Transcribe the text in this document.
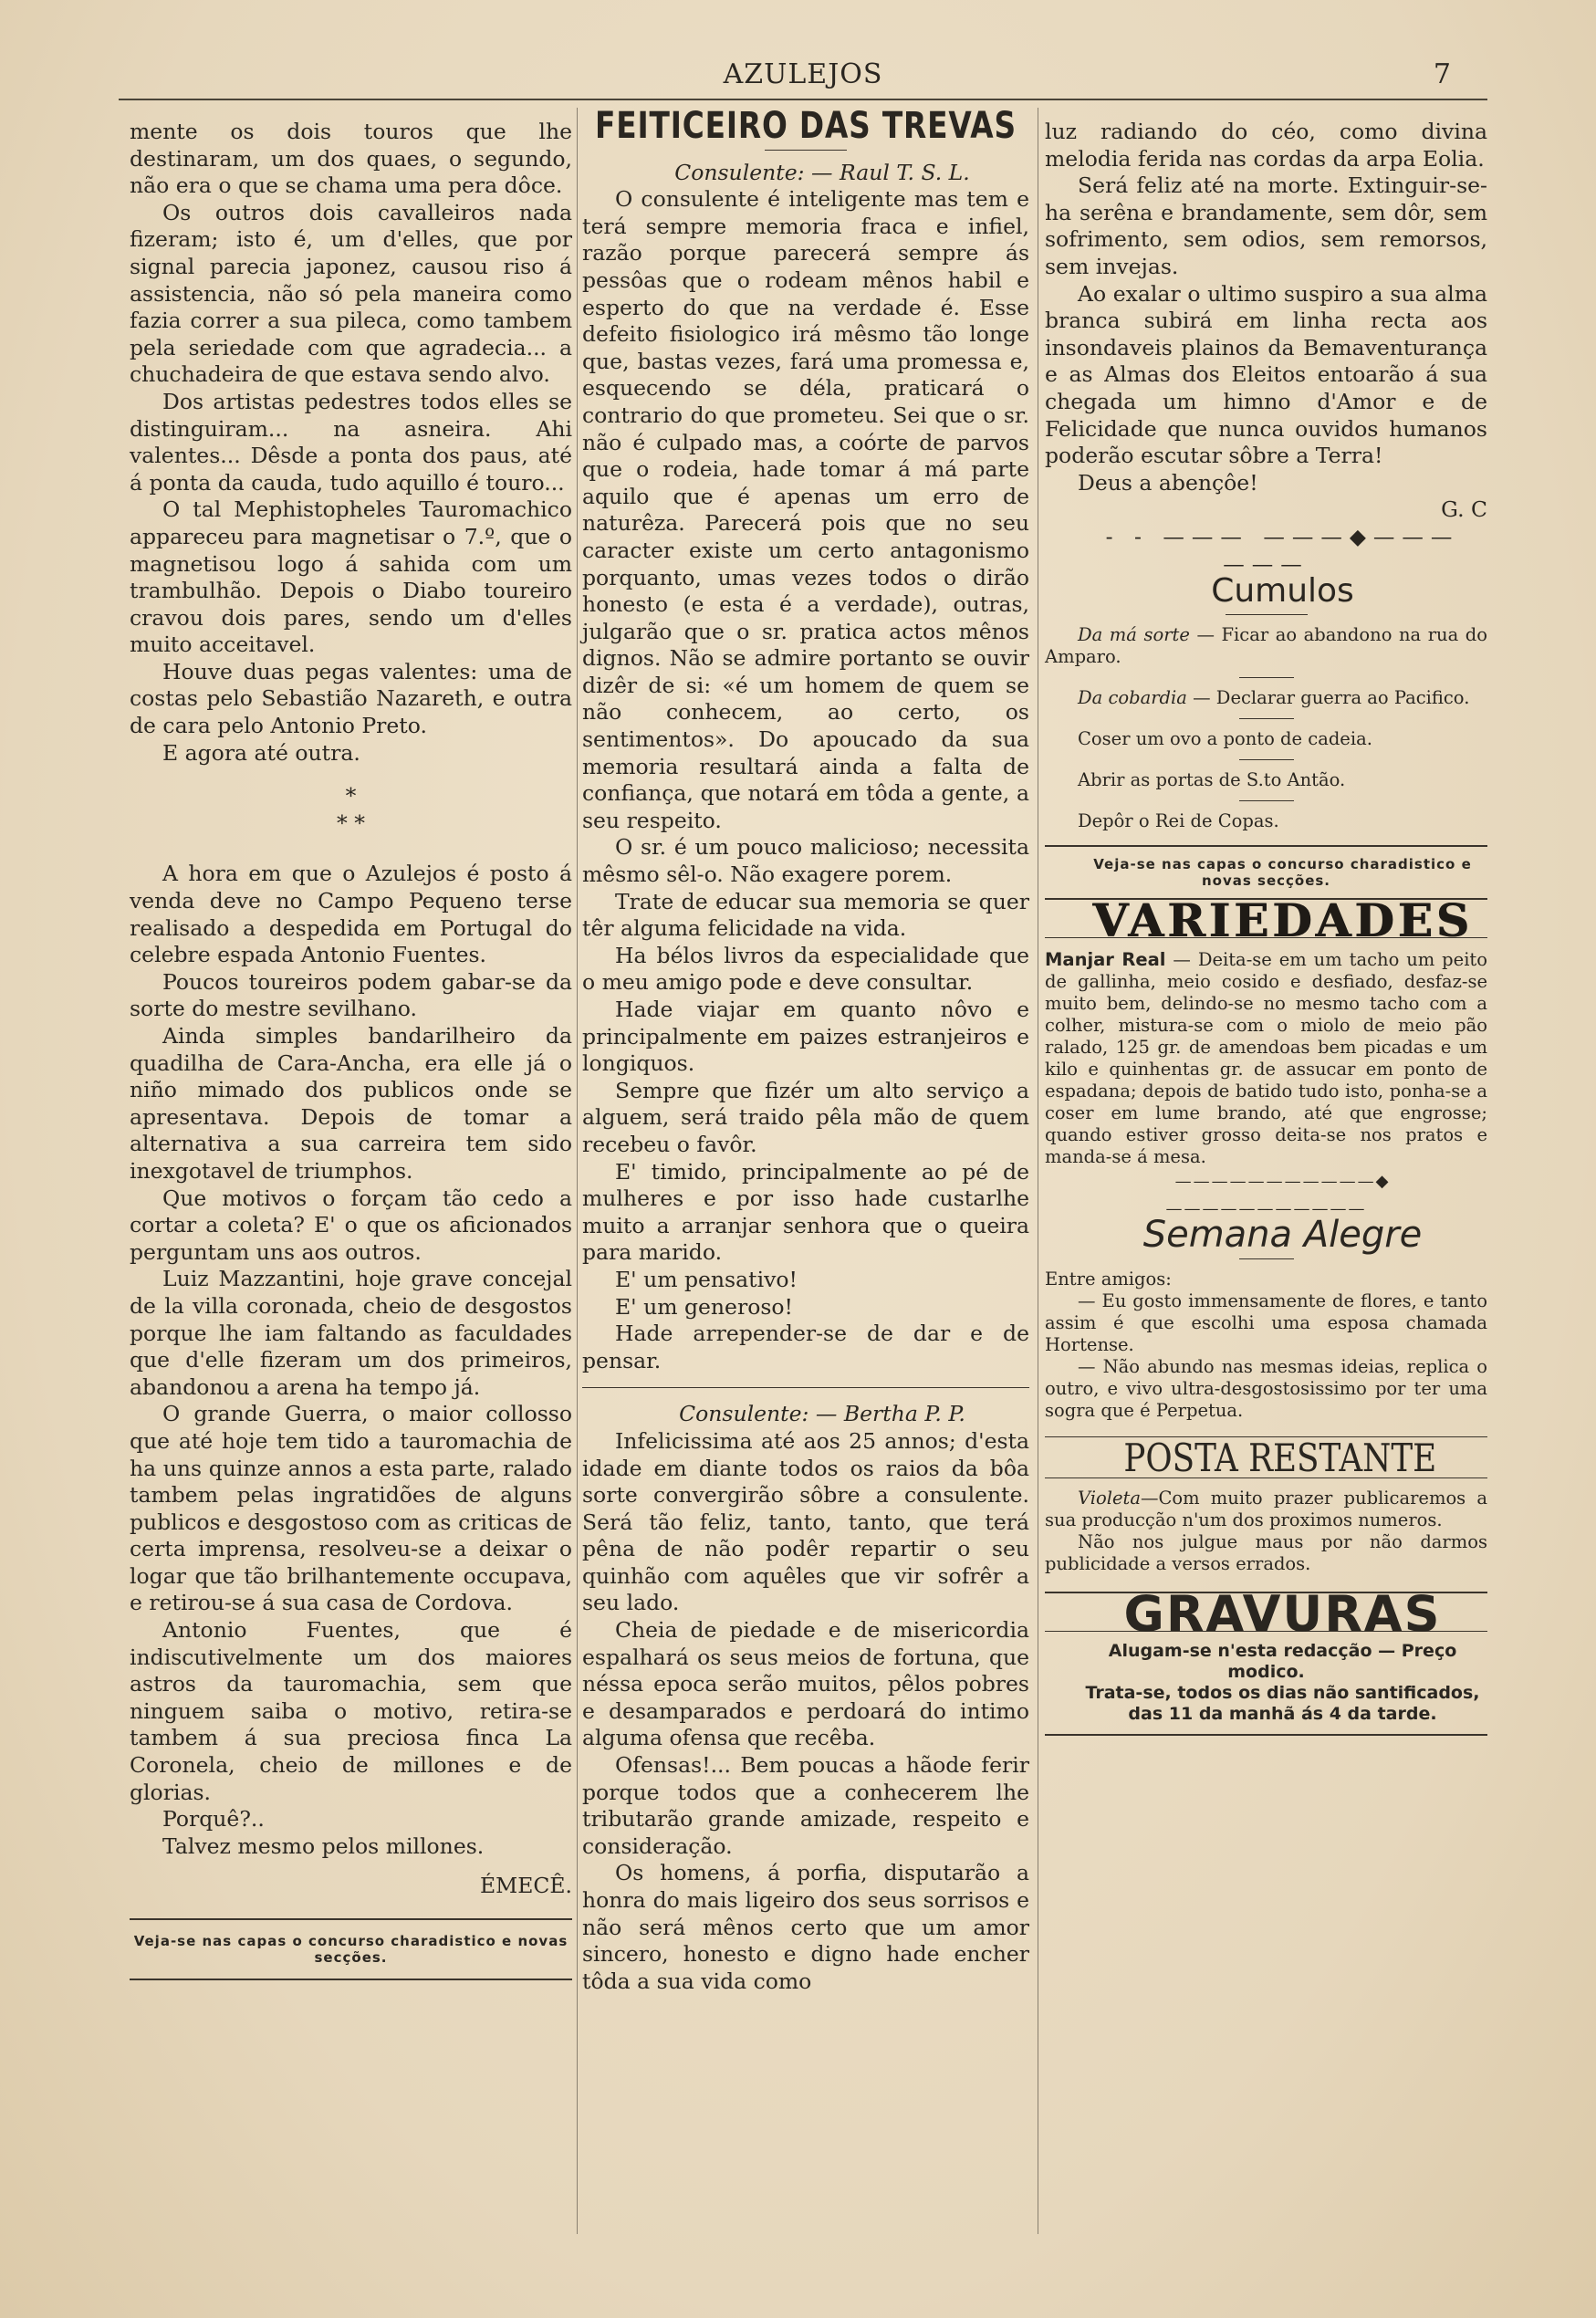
AZULEJOS	7

mente os dois touros que lhe destinaram, um dos quaes, o segundo, não era o que se chama uma pera dôce.

Os outros dois cavalleiros nada fizeram; isto é, um d'elles, que por signal parecia japonez, causou riso á assistencia, não só pela maneira como fazia correr a sua pileca, como tambem pela seriedade com que agradecia... a chuchadeira de que estava sendo alvo.

Dos artistas pedestres todos elles se distinguiram... na asneira. Ahi valentes... Dêsde a ponta dos paus, até á ponta da cauda, tudo aquillo é touro...

O tal Mephistopheles Tauromachico appareceu para magnetisar o 7.º, que o magnetisou logo á sahida com um trambulhão. Depois o Diabo toureiro cravou dois pares, sendo um d'elles muito acceitavel.

Houve duas pegas valentes: uma de costas pelo Sebastião Nazareth, e outra de cara pelo Antonio Preto.

E agora até outra.

*

* *

A hora em que o Azulejos é posto á venda deve no Campo Pequeno terse realisado a despedida em Portugal do celebre espada Antonio Fuentes.

Poucos toureiros podem gabar-se da sorte do mestre sevilhano.

Ainda simples bandarilheiro da quadilha de Cara-Ancha, era elle já o niño mimado dos publicos onde se apresentava. Depois de tomar a alternativa a sua carreira tem sido inexgotavel de triumphos.

Que motivos o forçam tão cedo a cortar a coleta? E' o que os aficionados perguntam uns aos outros.

Luiz Mazzantini, hoje grave concejal de la villa coronada, cheio de desgostos porque lhe iam faltando as faculdades que d'elle fizeram um dos primeiros, abandonou a arena ha tempo já.

O grande Guerra, o maior collosso que até hoje tem tido a tauromachia de ha uns quinze annos a esta parte, ralado tambem pelas ingratidões de alguns publicos e desgostoso com as criticas de certa imprensa, resolveu-se a deixar o logar que tão brilhantemente occupava, e retirou-se á sua casa de Cordova.

Antonio Fuentes, que é indiscutivelmente um dos maiores astros da tauromachia, sem que ninguem saiba o motivo, retira-se tambem á sua preciosa finca La Coronela, cheio de millones e de glorias.

Porquê?..

Talvez mesmo pelos millones.

ÉMECÊ.

Veja-se nas capas o concurso charadistico e novas secções.

FEITICEIRO DAS TREVAS

Consulente: — Raul T. S. L.

O consulente é inteligente mas tem e terá sempre memoria fraca e infiel, razão porque parecerá sempre ás pessôas que o rodeam mênos habil e esperto do que na verdade é. Esse defeito fisiologico irá mêsmo tão longe que, bastas vezes, fará uma promessa e, esquecendo se déla, praticará o contrario do que prometeu. Sei que o sr. não é culpado mas, a coórte de parvos que o rodeia, hade tomar á má parte aquilo que é apenas um erro de naturêza. Parecerá pois que no seu caracter existe um certo antagonismo porquanto, umas vezes todos o dirão honesto (e esta é a verdade), outras, julgarão que o sr. pratica actos mênos dignos. Não se admire portanto se ouvir dizêr de si: «é um homem de quem se não conhecem, ao certo, os sentimentos». Do apoucado da sua memoria resultará ainda a falta de confiança, que notará em tôda a gente, a seu respeito.

O sr. é um pouco malicioso; necessita mêsmo sêl-o. Não exagere porem.

Trate de educar sua memoria se quer têr alguma felicidade na vida.

Ha bélos livros da especialidade que o meu amigo pode e deve consultar.

Hade viajar em quanto nôvo e principalmente em paizes estranjeiros e longiquos.

Sempre que fizér um alto serviço a alguem, será traido pêla mão de quem recebeu o favôr.

E' timido, principalmente ao pé de mulheres e por isso hade custarlhe muito a arranjar senhora que o queira para marido.

E' um pensativo!

E' um generoso!

Hade arrepender-se de dar e de pensar.

Consulente: — Bertha P. P.

Infelicissima até aos 25 annos; d'esta idade em diante todos os raios da bôa sorte convergirão sôbre a consulente. Será tão feliz, tanto, tanto, que terá pêna de não podêr repartir o seu quinhão com aquêles que vir sofrêr a seu lado.

Cheia de piedade e de misericordia espalhará os seus meios de fortuna, que néssa epoca serão muitos, pêlos pobres e desamparados e perdoará do intimo alguma ofensa que recêba.

Ofensas!... Bem poucas a hãode ferir porque todos que a conhecerem lhe tributarão grande amizade, respeito e consideração.

Os homens, á porfia, disputarão a honra do mais ligeiro dos seus sorrisos e não será mênos certo que um amor sincero, honesto e digno hade encher tôda a sua vida como

luz radiando do céo, como divina melodia ferida nas cordas da arpa Eolia.

Será feliz até na morte. Extinguir-se-ha serêna e brandamente, sem dôr, sem sofrimento, sem odios, sem remorsos, sem invejas.

Ao exalar o ultimo suspiro a sua alma branca subirá em linha recta aos insondaveis plainos da Bemaventurança e as Almas dos Eleitos entoarão á sua chegada um himno d'Amor e de Felicidade que nunca ouvidos humanos poderão escutar sôbre a Terra!

Deus a abençôe!

G. C

- - ——— ———◆——— ———

Cumulos

Da má sorte — Ficar ao abandono na rua do Amparo.

Da cobardia — Declarar guerra ao Pacifico.

Coser um ovo a ponto de cadeia.

Abrir as portas de S.to Antão.

Depôr o Rei de Copas.

Veja-se nas capas o concurso charadistico e novas secções.

VARIEDADES

Manjar Real — Deita-se em um tacho um peito de gallinha, meio cosido e desfiado, desfaz-se muito bem, delindo-se no mesmo tacho com a colher, mistura-se com o miolo de meio pão ralado, 125 gr. de amendoas bem picadas e um kilo e quinhentas gr. de assucar em ponto de espadana; depois de batido tudo isto, ponha-se a coser em lume brando, até que engrosse; quando estiver grosso deita-se nos pratos e manda-se á mesa.

———————————◆———————————

Semana Alegre

Entre amigos:

— Eu gosto immensamente de flores, e tanto assim é que escolhi uma esposa chamada Hortense.

— Não abundo nas mesmas ideias, replica o outro, e vivo ultra-desgostosissimo por ter uma sogra que é Perpetua.

POSTA RESTANTE

Violeta—Com muito prazer publicaremos a sua producção n'um dos proximos numeros.

Não nos julgue maus por não darmos publicidade a versos errados.

GRAVURAS

Alugam-se n'esta redacção — Preço modico.

Trata-se, todos os dias não santificados,

das 11 da manhã ás 4 da tarde.
